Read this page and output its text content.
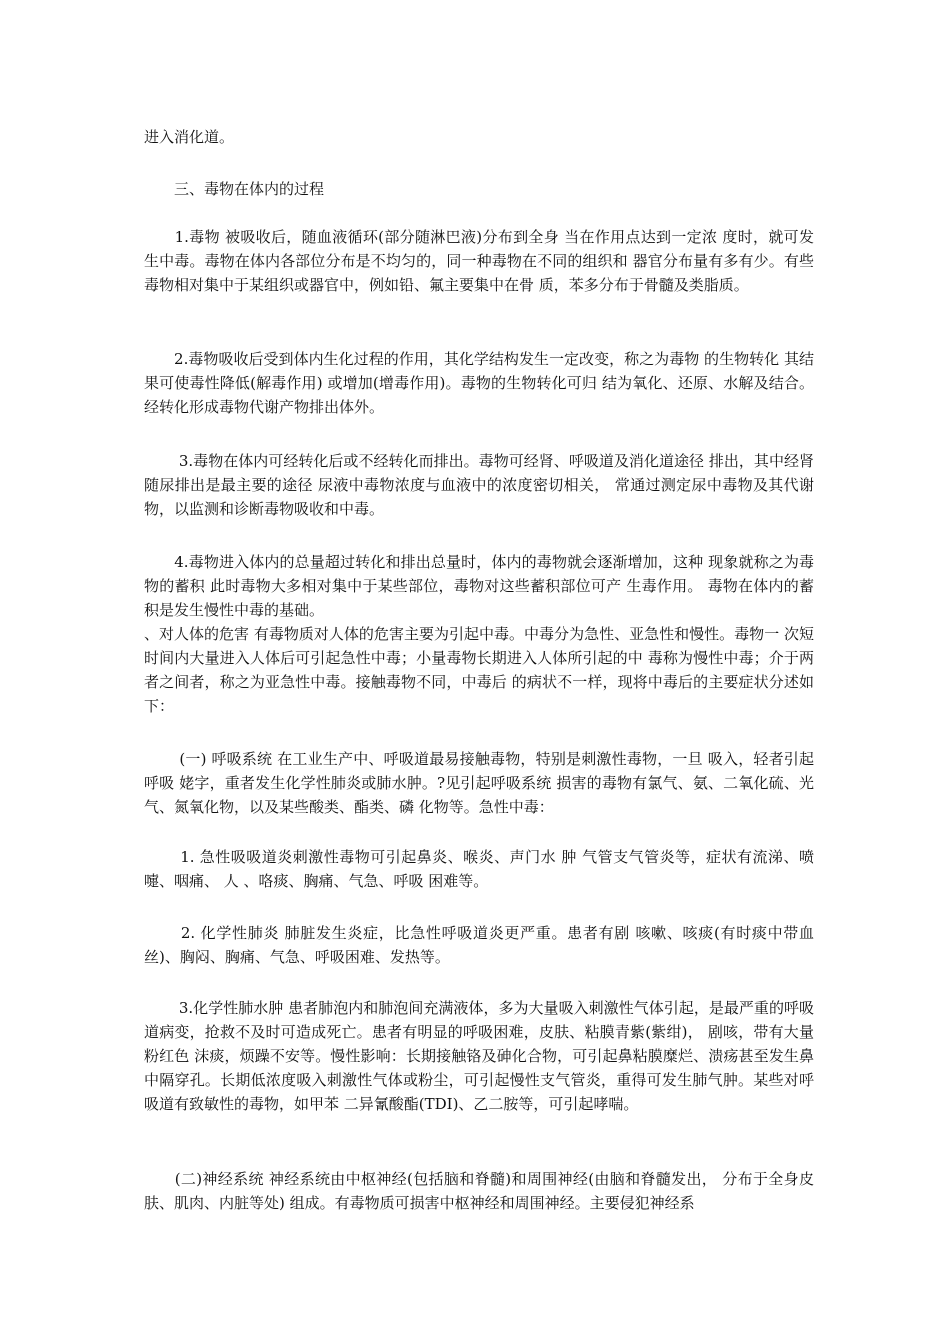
进入消化道。
　　三、毒物在体内的过程
　　1.毒物 被吸收后，随血液循环(部分随淋巴液)分布到全身 当在作用点达到一定浓 度时，就可发生中毒。毒物在体内各部位分布是不均匀的，同一种毒物在不同的组织和 器官分布量有多有少。有些毒物相对集中于某组织或器官中，例如铅、氟主要集中在骨 质，苯多分布于骨髓及类脂质。
　　2.毒物吸收后受到体内生化过程的作用，其化学结构发生一定改变，称之为毒物 的生物转化 其结果可使毒性降低(解毒作用) 或增加(增毒作用)。毒物的生物转化可归 结为氧化、还原、水解及结合。经转化形成毒物代谢产物排出体外。
　　 3.毒物在体内可经转化后或不经转化而排出。毒物可经肾、呼吸道及消化道途径 排出，其中经肾随尿排出是最主要的途径 尿液中毒物浓度与血液中的浓度密切相关， 常通过测定尿中毒物及其代谢物，以监测和诊断毒物吸收和中毒。
　　4.毒物进入体内的总量超过转化和排出总量时，体内的毒物就会逐渐增加，这种 现象就称之为毒物的蓄积 此时毒物大多相对集中于某些部位，毒物对这些蓄积部位可产 生毒作用。 毒物在体内的蓄积是发生慢性中毒的基础。
、对人体的危害 有毒物质对人体的危害主要为引起中毒。中毒分为急性、亚急性和慢性。毒物一 次短时间内大量进入人体后可引起急性中毒；小量毒物长期进入人体所引起的中 毒称为慢性中毒；介于两者之间者，称之为亚急性中毒。接触毒物不同，中毒后 的病状不一样，现将中毒后的主要症状分述如下：
　　 (一) 呼吸系统 在工业生产中、呼吸道最易接触毒物，特别是刺激性毒物，一旦 吸入，轻者引起呼吸 姥字，重者发生化学性肺炎或肺水肿。?见引起呼吸系统 损害的毒物有氯气、氨、二氧化硫、光气、氮氧化物，以及某些酸类、酯类、磷 化物等。急性中毒：
　　 1. 急性吸吸道炎刺激性毒物可引起鼻炎、喉炎、声门水 肿 气管支气管炎等，症状有流涕、喷嚏、咽痛、 人 、咯痰、胸痛、气急、呼吸 困难等。
　　 2. 化学性肺炎 肺脏发生炎症，比急性呼吸道炎更严重。患者有剧 咳嗽、咳痰(有时痰中带血丝)、胸闷、胸痛、气急、呼吸困难、发热等。
　　 3.化学性肺水肿 患者肺泡内和肺泡间充满液体，多为大量吸入刺激性气体引起，是最严重的呼吸 道病变，抢救不及时可造成死亡。患者有明显的呼吸困难，皮肤、粘膜青紫(紫绀)， 剧咳，带有大量粉红色 沫痰，烦躁不安等。慢性影响：长期接触铬及砷化合物，可引起鼻粘膜糜烂、溃疡甚至发生鼻中隔穿孔。长期低浓度吸入刺激性气体或粉尘，可引起慢性支气管炎，重得可发生肺气肿。某些对呼吸道有致敏性的毒物，如甲苯 二异氰酸酯(TDI)、乙二胺等，可引起哮喘。
　　(二)神经系统 神经系统由中枢神经(包括脑和脊髓)和周围神经(由脑和脊髓发出， 分布于全身皮肤、肌肉、内脏等处) 组成。有毒物质可损害中枢神经和周围神经。主要侵犯神经系
